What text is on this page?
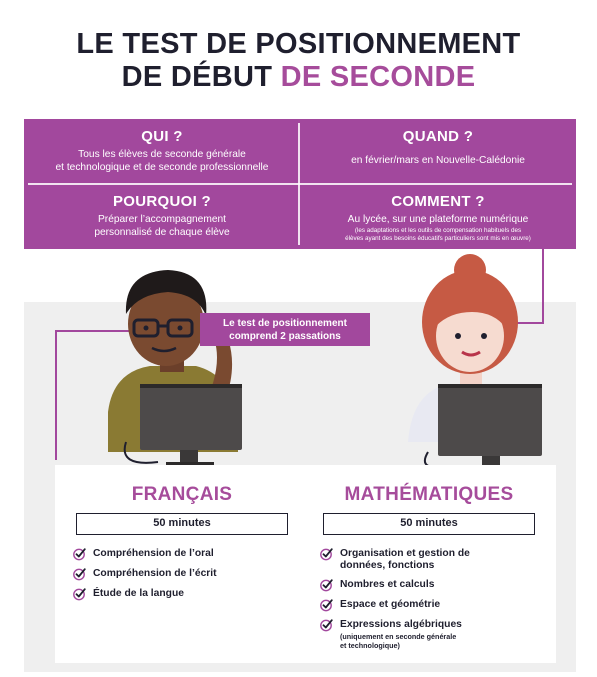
LE TEST DE POSITIONNEMENT
DE DÉBUT DE SECONDE
QUI ?
Tous les élèves de seconde générale
et technologique et de seconde professionnelle
QUAND ?
en février/mars en Nouvelle-Calédonie
POURQUOI ?
Préparer l’accompagnement
personnalisé de chaque élève
COMMENT ?
Au lycée, sur une plateforme numérique
(les adaptations et les outils de compensation habituels des
élèves ayant des besoins éducatifs particuliers sont mis en œuvre)
Le test de positionnement
comprend 2 passations
FRANÇAIS
50 minutes
Compréhension de l’oral
Compréhension de l’écrit
Étude de la langue
MATHÉMATIQUES
50 minutes
Organisation et gestion de
données, fonctions
Nombres et calculs
Espace et géométrie
Expressions algébriques
(uniquement en seconde générale
et technologique)
